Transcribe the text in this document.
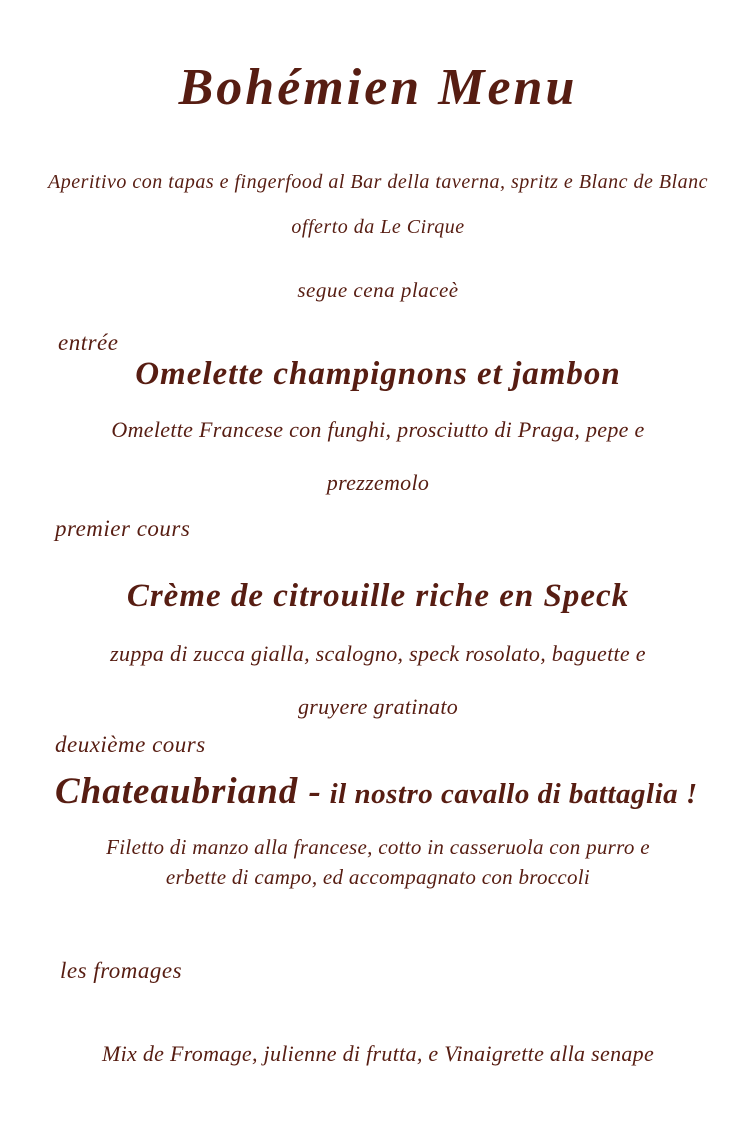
Bohémien Menu
Aperitivo con tapas e fingerfood al Bar della taverna, spritz e Blanc de Blanc
offerto da Le Cirque
segue cena placeè
entrée
Omelette champignons et jambon
Omelette Francese con funghi, prosciutto di Praga, pepe e
prezzemolo
premier cours
Crème de citrouille riche en Speck
zuppa di zucca gialla, scalogno, speck rosolato, baguette e
gruyere gratinato
deuxième cours
Chateaubriand - il nostro cavallo di battaglia !
Filetto di manzo alla francese, cotto in casseruola con purro e
erbette di campo, ed accompagnato con broccoli
les fromages
Mix de Fromage, julienne di frutta, e Vinaigrette alla senape
